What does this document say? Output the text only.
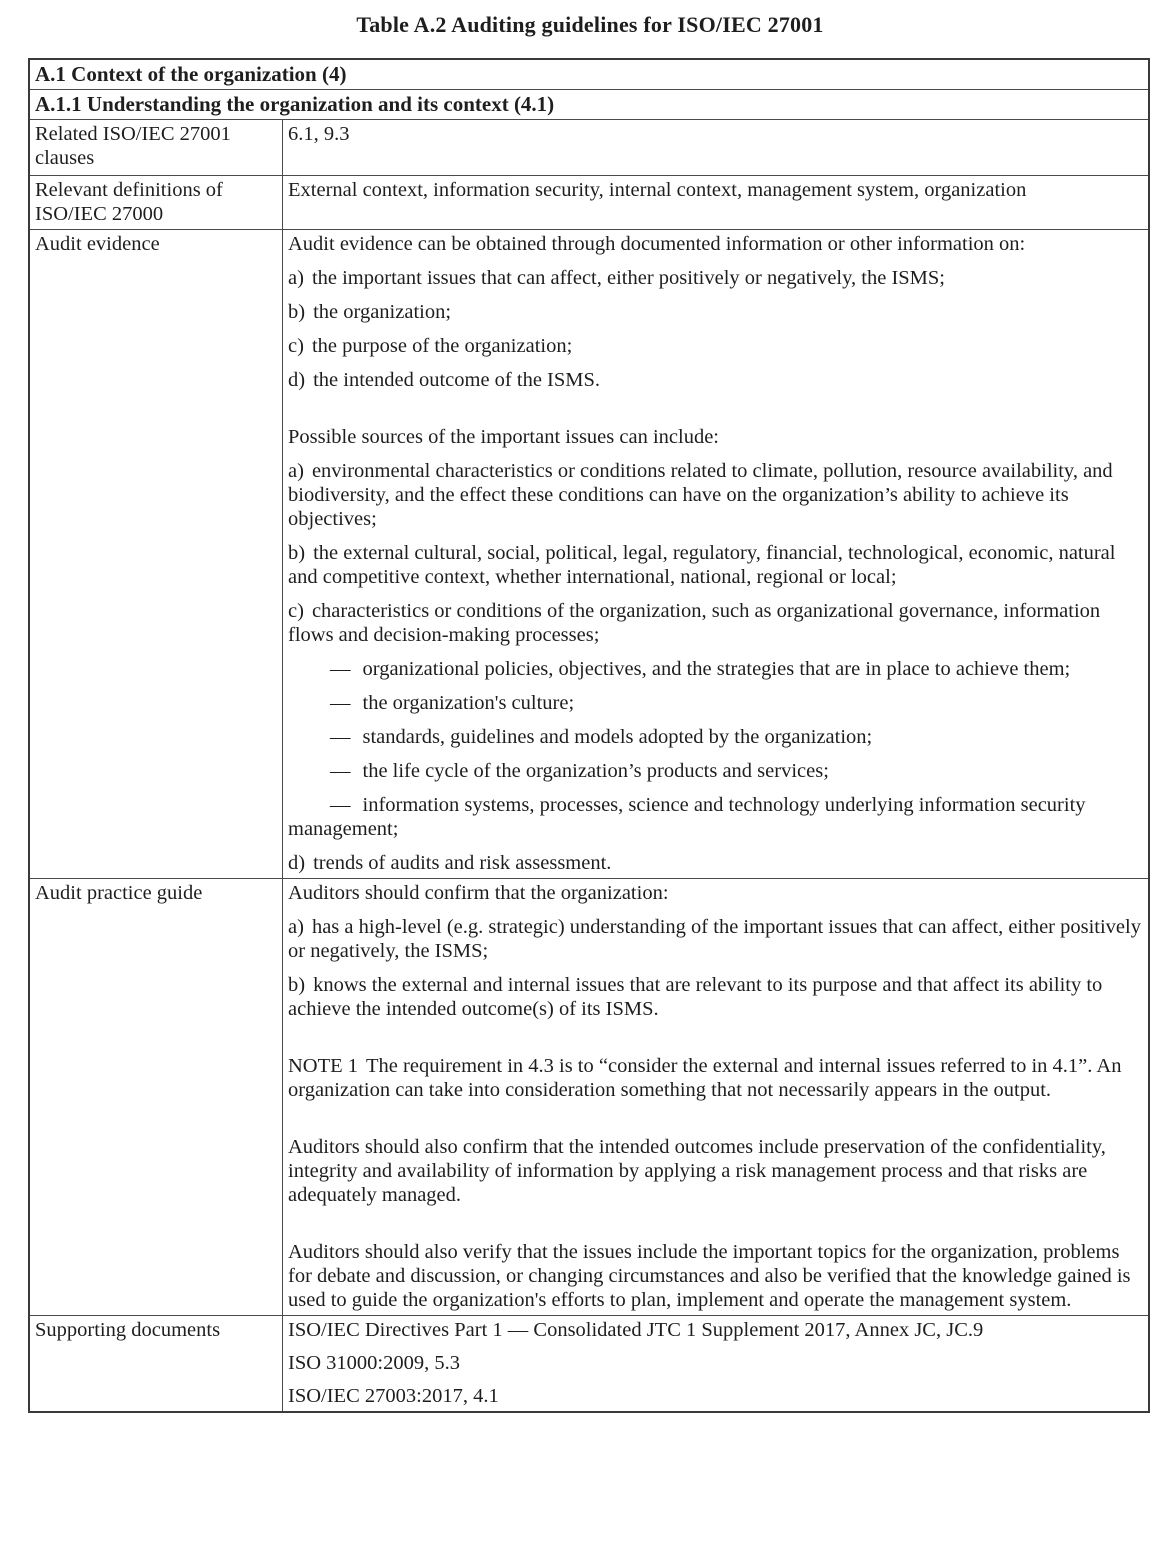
Table A.2 Auditing guidelines for ISO/IEC 27001
A.1 Context of the organization (4)	
A.1.1 Understanding the organization and its context (4.1)	
Related ISO/IEC 27001 clauses	6.1, 9.3
Relevant definitions of ISO/IEC 27000	External context, information security, internal context, management system, organization
Audit evidence	Audit evidence can be obtained through documented information or other information on:

a) the important issues that can affect, either positively or negatively, the ISMS;

b) the organization;

c) the purpose of the organization;

d) the intended outcome of the ISMS.

Possible sources of the important issues can include:

a) environmental characteristics or conditions related to climate, pollution, resource availability, and biodiversity, and the effect these conditions can have on the organization’s ability to achieve its objectives;

b) the external cultural, social, political, legal, regulatory, financial, technological, economic, natural and competitive context, whether international, national, regional or local;

c) characteristics or conditions of the organization, such as organizational governance, information flows and decision-making processes;

— organizational policies, objectives, and the strategies that are in place to achieve them;

— the organization's culture;

— standards, guidelines and models adopted by the organization;

— the life cycle of the organization’s products and services;

— information systems, processes, science and technology underlying information security management;

d) trends of audits and risk assessment.

Audit practice guide	Auditors should confirm that the organization:

a) has a high-level (e.g. strategic) understanding of the important issues that can affect, either positively or negatively, the ISMS;

b) knows the external and internal issues that are relevant to its purpose and that affect its ability to achieve the intended outcome(s) of its ISMS.

NOTE 1 The requirement in 4.3 is to “consider the external and internal issues referred to in 4.1”. An organization can take into consideration something that not necessarily appears in the output.

Auditors should also confirm that the intended outcomes include preservation of the confidentiality, integrity and availability of information by applying a risk management process and that risks are adequately managed.

Auditors should also verify that the issues include the important topics for the organization, problems for debate and discussion, or changing circumstances and also be verified that the knowledge gained is used to guide the organization's efforts to plan, implement and operate the management system.

Supporting documents	ISO/IEC Directives Part 1 — Consolidated JTC 1 Supplement 2017, Annex JC, JC.9

ISO 31000:2009, 5.3

ISO/IEC 27003:2017, 4.1
